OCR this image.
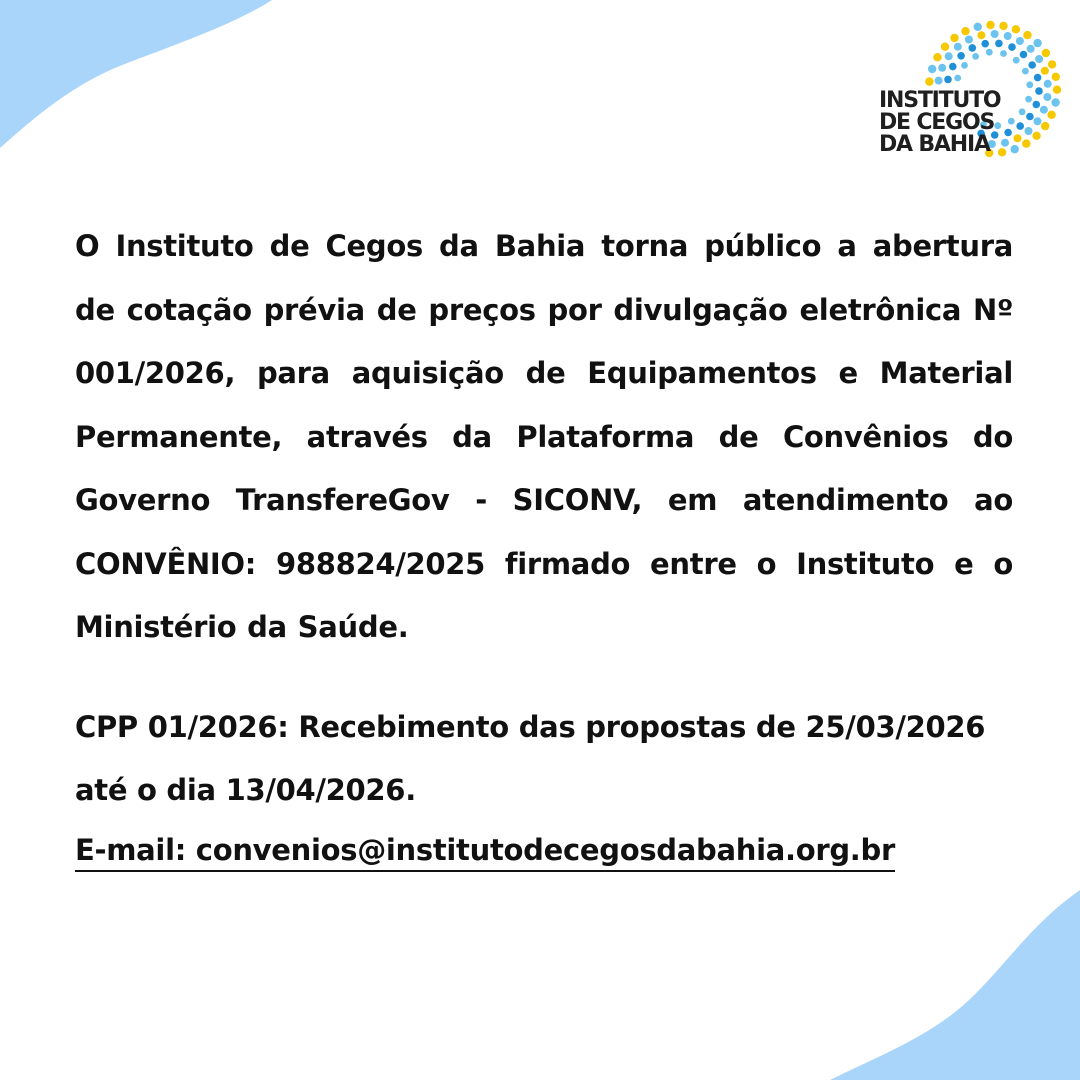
INSTITUTO
DE CEGOS
DA BAHIA

O Instituto de Cegos da Bahia torna público a abertura de cotação prévia de preços por divulgação eletrônica Nº 001/2026, para aquisição de Equipamentos e Material Permanente, através da Plataforma de Convênios do Governo TransfereGov - SICONV, em atendimento ao CONVÊNIO: 988824/2025 firmado entre o Instituto e o Ministério da Saúde.

CPP 01/2026: Recebimento das propostas de 25/03/2026 até o dia 13/04/2026.

E-mail: convenios@institutodecegosdabahia.org.br
